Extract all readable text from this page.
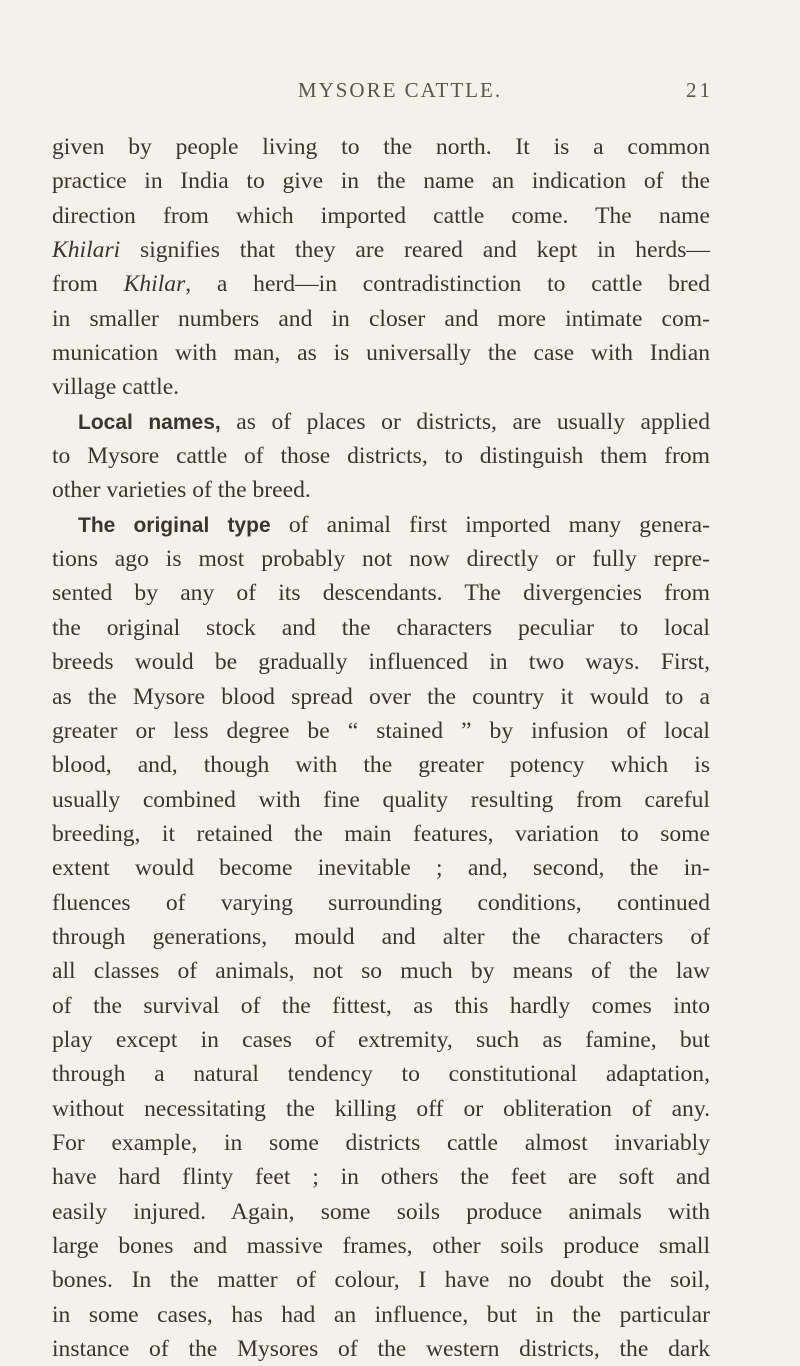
MYSORE CATTLE.	21
given by people living to the north. It is a common
practice in India to give in the name an indication of the
direction from which imported cattle come. The name
Khilari signifies that they are reared and kept in herds—
from Khilar, a herd—in contradistinction to cattle bred
in smaller numbers and in closer and more intimate com-
munication with man, as is universally the case with Indian
village cattle.
Local names, as of places or districts, are usually applied
to Mysore cattle of those districts, to distinguish them from
other varieties of the breed.
The original type of animal first imported many genera-
tions ago is most probably not now directly or fully repre-
sented by any of its descendants. The divergencies from
the original stock and the characters peculiar to local
breeds would be gradually influenced in two ways. First,
as the Mysore blood spread over the country it would to a
greater or less degree be “ stained ” by infusion of local
blood, and, though with the greater potency which is
usually combined with fine quality resulting from careful
breeding, it retained the main features, variation to some
extent would become inevitable ; and, second, the in-
fluences of varying surrounding conditions, continued
through generations, mould and alter the characters of
all classes of animals, not so much by means of the law
of the survival of the fittest, as this hardly comes into
play except in cases of extremity, such as famine, but
through a natural tendency to constitutional adaptation,
without necessitating the killing off or obliteration of any.
For example, in some districts cattle almost invariably
have hard flinty feet ; in others the feet are soft and
easily injured. Again, some soils produce animals with
large bones and massive frames, other soils produce small
bones. In the matter of colour, I have no doubt the soil,
in some cases, has had an influence, but in the particular
instance of the Mysores of the western districts, the dark
